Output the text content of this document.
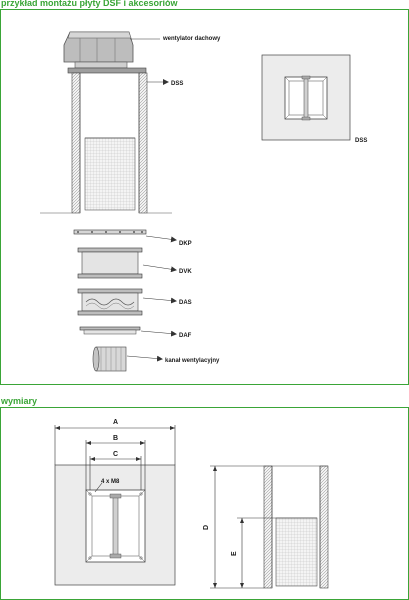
przykład montażu płyty DSF i akcesoriów

wymiary

wentylator dachowy
DSS
DSS
DKP
DVK
DAS
DAF
kanał wentylacyjny
A
B
C
4 x M8
D
E
